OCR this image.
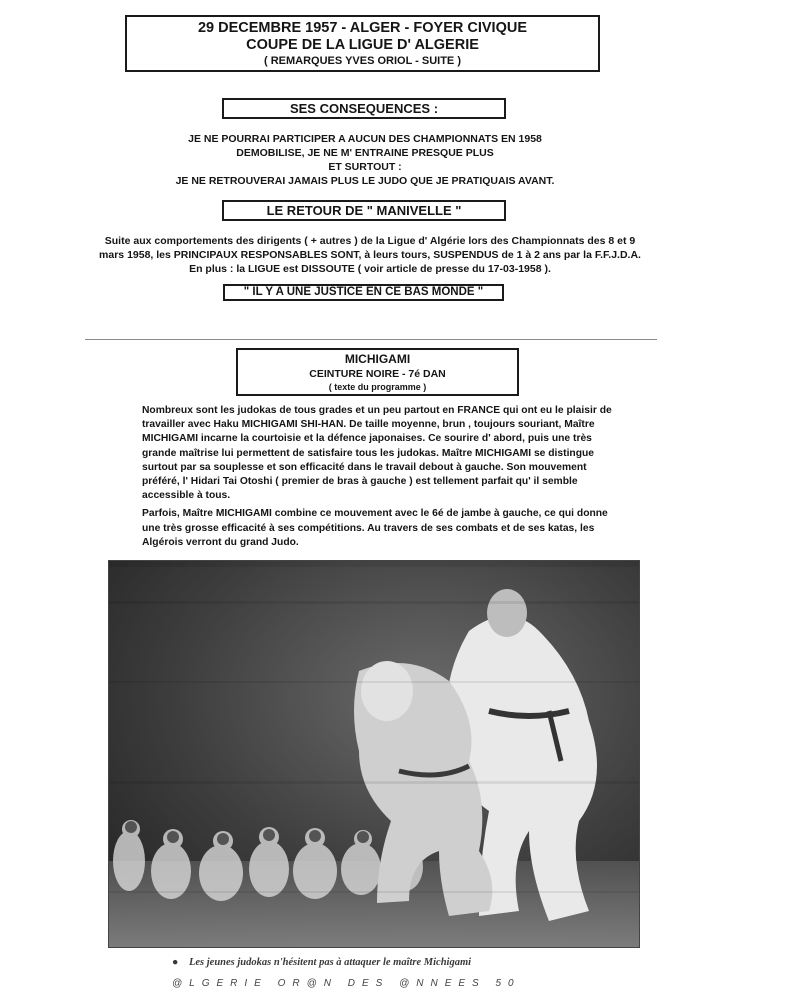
29 DECEMBRE 1957 - ALGER - FOYER CIVIQUE
COUPE DE LA LIGUE D' ALGERIE
( REMARQUES YVES ORIOL - SUITE )
SES CONSEQUENCES :
JE NE POURRAI PARTICIPER A AUCUN DES CHAMPIONNATS EN 1958
DEMOBILISE, JE NE M' ENTRAINE PRESQUE PLUS
ET SURTOUT :
JE NE RETROUVERAI JAMAIS PLUS LE JUDO QUE JE PRATIQUAIS AVANT.
LE RETOUR DE " MANIVELLE "
Suite aux comportements des dirigents ( + autres ) de la Ligue d' Algérie lors des Championnats des 8 et 9
mars 1958, les PRINCIPAUX RESPONSABLES SONT, à leurs tours, SUSPENDUS de 1 à 2 ans par la F.F.J.D.A.
En plus : la LIGUE est DISSOUTE ( voir article de presse du 17-03-1958 ).
" IL Y A UNE JUSTICE EN CE BAS MONDE "
MICHIGAMI
CEINTURE NOIRE - 7é DAN
( texte du programme )

Nombreux sont les judokas de tous grades et un peu partout en FRANCE qui ont eu le plaisir de travailler avec Haku MICHIGAMI SHI-HAN. De taille moyenne, brun , toujours souriant, Maître MICHIGAMI incarne la courtoisie et la défence japonaises. Ce sourire d' abord, puis une très grande maîtrise lui permettent de satisfaire tous les judokas. Maître MICHIGAMI se distingue surtout par sa souplesse et son efficacité dans le travail debout à gauche. Son mouvement préféré, l' Hidari Tai Otoshi ( premier de bras à gauche ) est tellement parfait qu' il semble accessible à tous.

Parfois, Maître MICHIGAMI combine ce mouvement avec le 6é de jambe à gauche, ce qui donne une très grosse efficacité à ses compétitions. Au travers de ses combats et de ses katas, les Algérois verront du grand Judo.

● Les jeunes judokas n'hésitent pas à attaquer le maître Michigami
@LGERIE OR@N DES @NNEES 50
